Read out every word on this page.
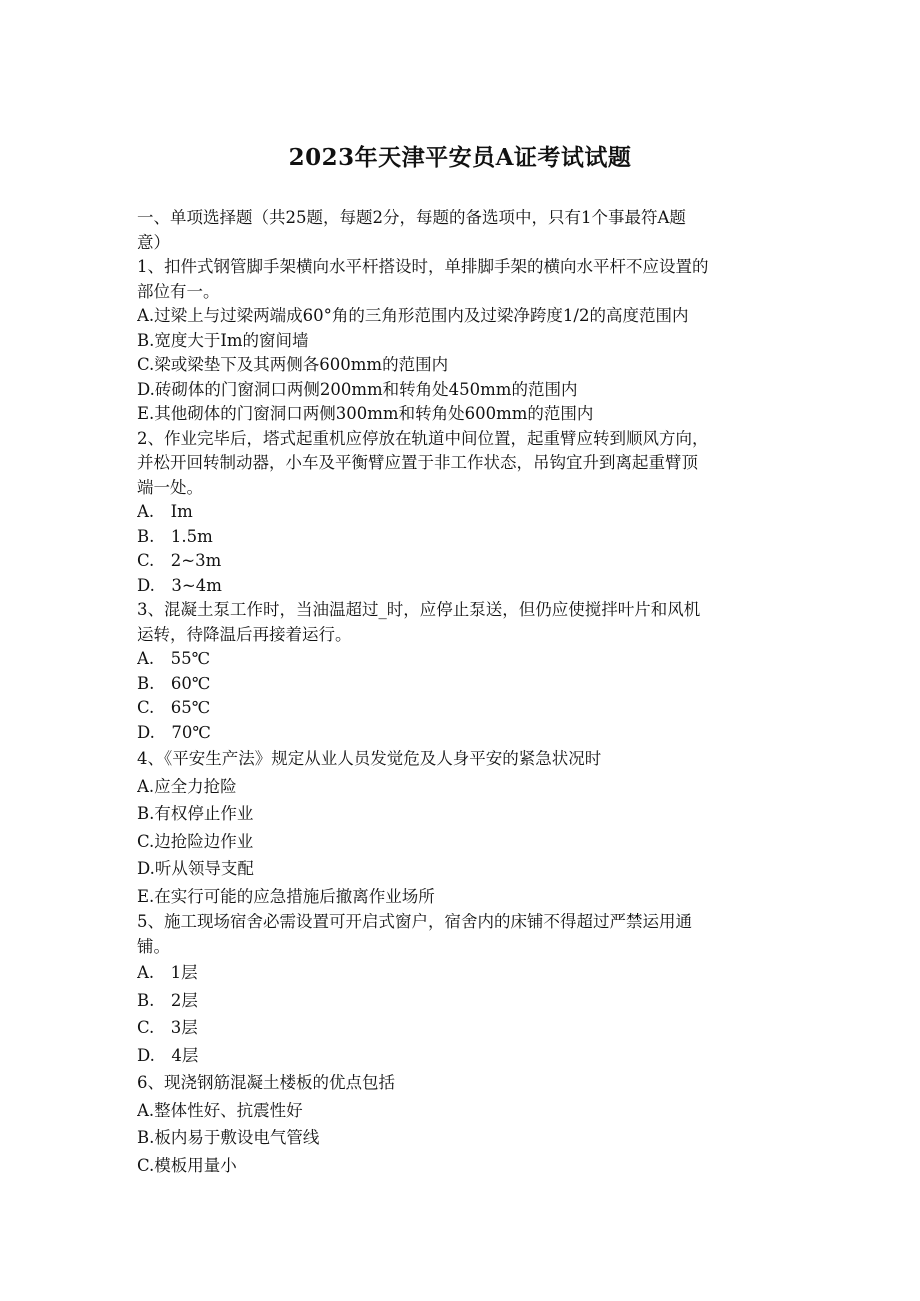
2023年天津平安员A证考试试题
一、单项选择题（共25题，每题2分，每题的备选项中，只有1个事最符A题
意）
1、扣件式钢管脚手架横向水平杆搭设时，单排脚手架的横向水平杆不应设置的
部位有一。
A.过梁上与过梁两端成60°角的三角形范围内及过梁净跨度1/2的高度范围内
B.宽度大于Im的窗间墙
C.梁或梁垫下及其两侧各600mm的范围内
D.砖砌体的门窗洞口两侧200mm和转角处450mm的范围内
E.其他砌体的门窗洞口两侧300mm和转角处600mm的范围内
2、作业完毕后，塔式起重机应停放在轨道中间位置，起重臂应转到顺风方向，
并松开回转制动器，小车及平衡臂应置于非工作状态，吊钩宜升到离起重臂顶
端一处。
A.　Im
B.　1.5m
C.　2~3m
D.　3~4m
3、混凝土泵工作时，当油温超过_时，应停止泵送，但仍应使搅拌叶片和风机
运转，待降温后再接着运行。
A.　55℃
B.　60℃
C.　65℃
D.　70℃
4、《平安生产法》规定从业人员发觉危及人身平安的紧急状况时
A.应全力抢险
B.有权停止作业
C.边抢险边作业
D.听从领导支配
E.在实行可能的应急措施后撤离作业场所
5、施工现场宿舍必需设置可开启式窗户，宿舍内的床铺不得超过严禁运用通
铺。
A.　1层
B.　2层
C.　3层
D.　4层
6、现浇钢筋混凝土楼板的优点包括
A.整体性好、抗震性好
B.板内易于敷设电气管线
C.模板用量小
